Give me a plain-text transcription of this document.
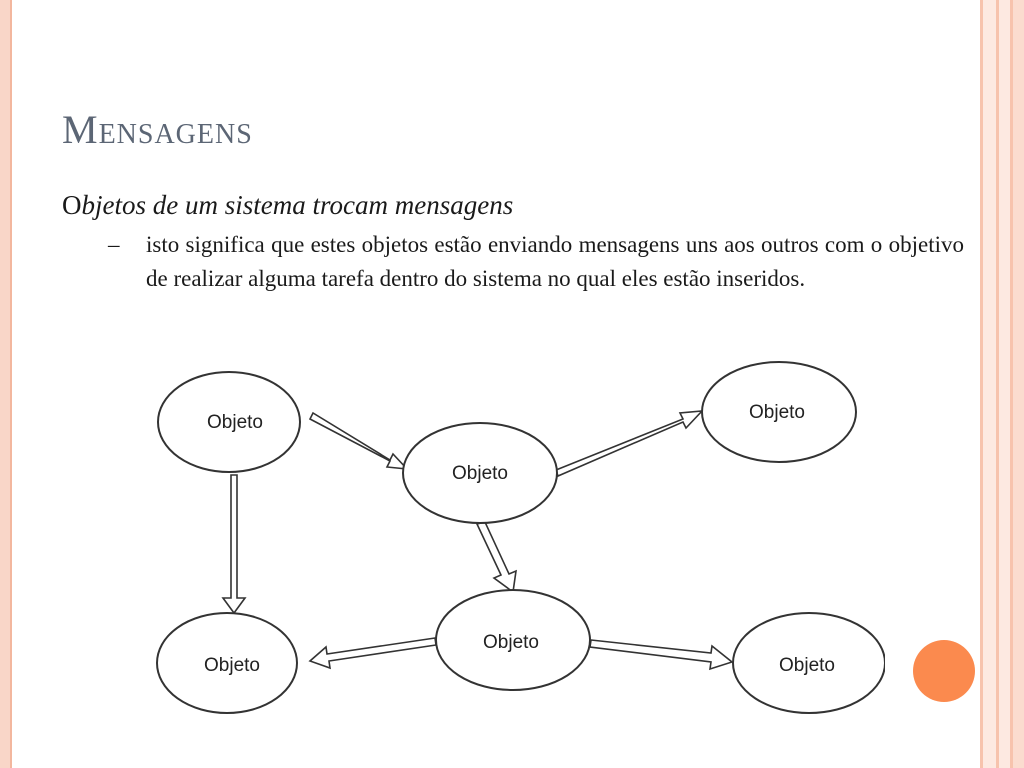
Mensagens

Objetos de um sistema trocam mensagens

–	isto significa que estes objetos estão enviando mensagens uns aos outros com o objetivo de realizar alguma tarefa dentro do sistema no qual eles estão inseridos.
Objeto
Objeto
Objeto
Objeto
Objeto
Objeto
